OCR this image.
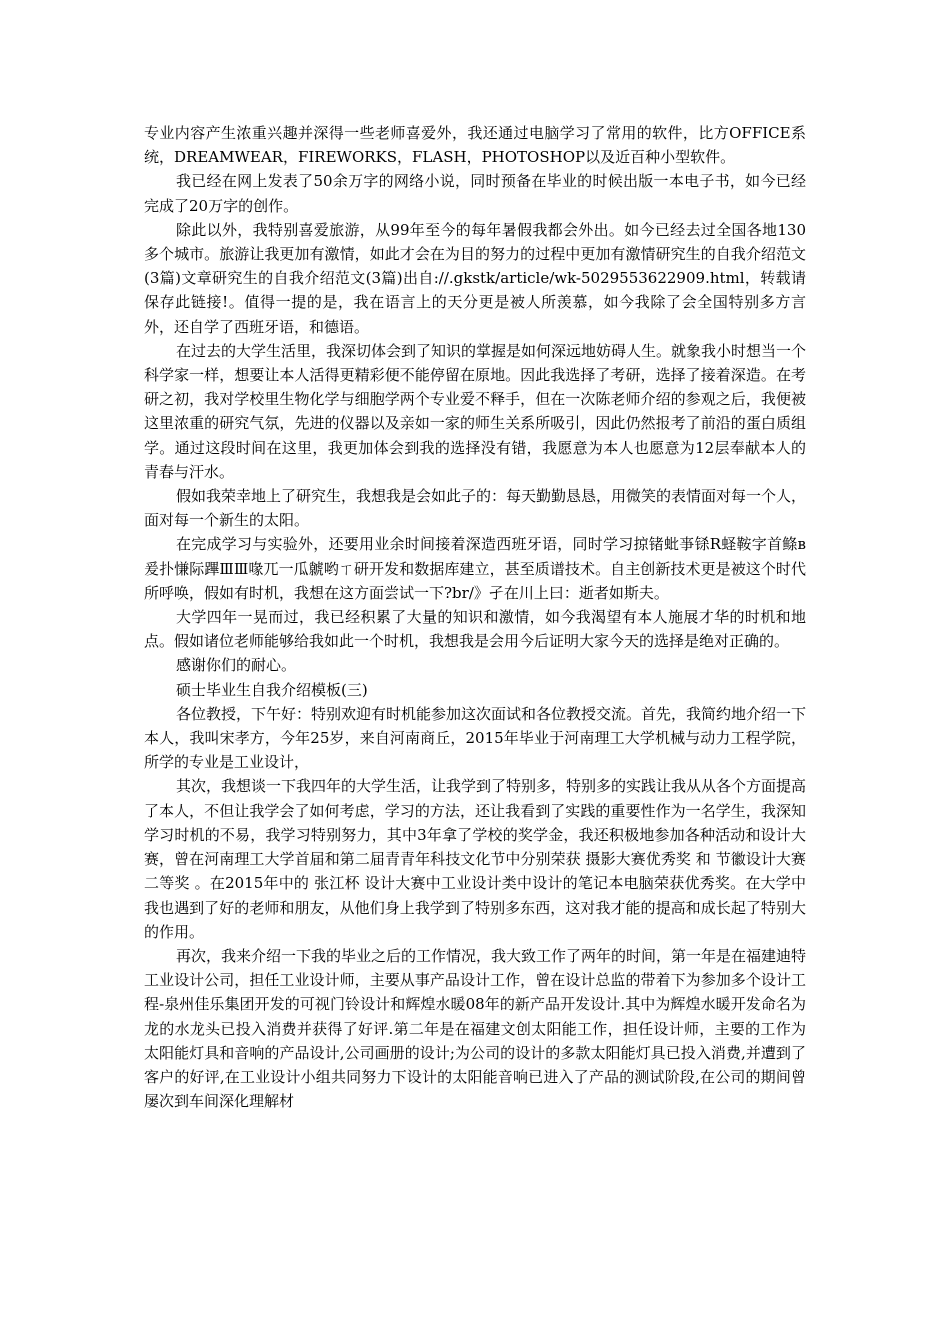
专业内容产生浓重兴趣并深得一些老师喜爱外，我还通过电脑学习了常用的软件，比方OFFICE系统，DREAMWEAR，FIREWORKS，FLASH，PHOTOSHOP以及近百种小型软件。

我已经在网上发表了50余万字的网络小说，同时预备在毕业的时候出版一本电子书，如今已经完成了20万字的创作。

除此以外，我特别喜爱旅游，从99年至今的每年暑假我都会外出。如今已经去过全国各地130多个城市。旅游让我更加有激情，如此才会在为目的努力的过程中更加有激情研究生的自我介绍范文(3篇)文章研究生的自我介绍范文(3篇)出自://.gkstk/article/wk-5029553622909.html，转载请保存此链接!。值得一提的是，我在语言上的天分更是被人所羡慕，如今我除了会全国特别多方言外，还自学了西班牙语，和德语。

在过去的大学生活里，我深切体会到了知识的掌握是如何深远地妨碍人生。就象我小时想当一个科学家一样，想要让本人活得更精彩便不能停留在原地。因此我选择了考研，选择了接着深造。在考研之初，我对学校里生物化学与细胞学两个专业爱不释手，但在一次陈老师介绍的参观之后，我便被这里浓重的研究气氛，先进的仪器以及亲如一家的师生关系所吸引，因此仍然报考了前沿的蛋白质组学。通过这段时间在这里，我更加体会到我的选择没有错，我愿意为本人也愿意为12层奉献本人的青春与汗水。

假如我荣幸地上了研究生，我想我是会如此子的：每天勤勤恳恳，用微笑的表情面对每一个人，面对每一个新生的太阳。

在完成学习与实验外，还要用业余时间接着深造西班牙语，同时学习掠锗蚍亊铩R蛏鞍字首鲦в爰扑慊际蹕ⅢⅢ喙兀一瓜虩哟ㄒ研开发和数据库建立，甚至质谱技术。自主创新技术更是被这个时代所呼唤，假如有时机，我想在这方面尝试一下?br/》孑在川上曰：逝者如斯夫。

大学四年一晃而过，我已经积累了大量的知识和激情，如今我渴望有本人施展才华的时机和地点。假如诸位老师能够给我如此一个时机，我想我是会用今后证明大家今天的选择是绝对正确的。

感谢你们的耐心。

硕士毕业生自我介绍模板(三)

各位教授，下午好：特别欢迎有时机能参加这次面试和各位教授交流。首先，我简约地介绍一下本人，我叫宋孝方，今年25岁，来自河南商丘，2015年毕业于河南理工大学机械与动力工程学院，所学的专业是工业设计，

其次，我想谈一下我四年的大学生活，让我学到了特别多，特别多的实践让我从从各个方面提高了本人，不但让我学会了如何考虑，学习的方法，还让我看到了实践的重要性作为一名学生，我深知学习时机的不易，我学习特别努力，其中3年拿了学校的奖学金，我还积极地参加各种活动和设计大赛，曾在河南理工大学首届和第二届青青年科技文化节中分别荣获 摄影大赛优秀奖 和 节徽设计大赛二等奖 。在2015年中的 张江杯 设计大赛中工业设计类中设计的笔记本电脑荣获优秀奖。在大学中我也遇到了好的老师和朋友，从他们身上我学到了特别多东西，这对我才能的提高和成长起了特别大的作用。

再次，我来介绍一下我的毕业之后的工作情况，我大致工作了两年的时间，第一年是在福建迪特工业设计公司，担任工业设计师，主要从事产品设计工作，曾在设计总监的带着下为参加多个设计工程-泉州佳乐集团开发的可视门铃设计和辉煌水暖08年的新产品开发设计.其中为辉煌水暖开发命名为龙的水龙头已投入消费并获得了好评.第二年是在福建文创太阳能工作，担任设计师，主要的工作为太阳能灯具和音响的产品设计,公司画册的设计;为公司的设计的多款太阳能灯具已投入消费,并遭到了客户的好评,在工业设计小组共同努力下设计的太阳能音响已进入了产品的测试阶段,在公司的期间曾屡次到车间深化理解材
